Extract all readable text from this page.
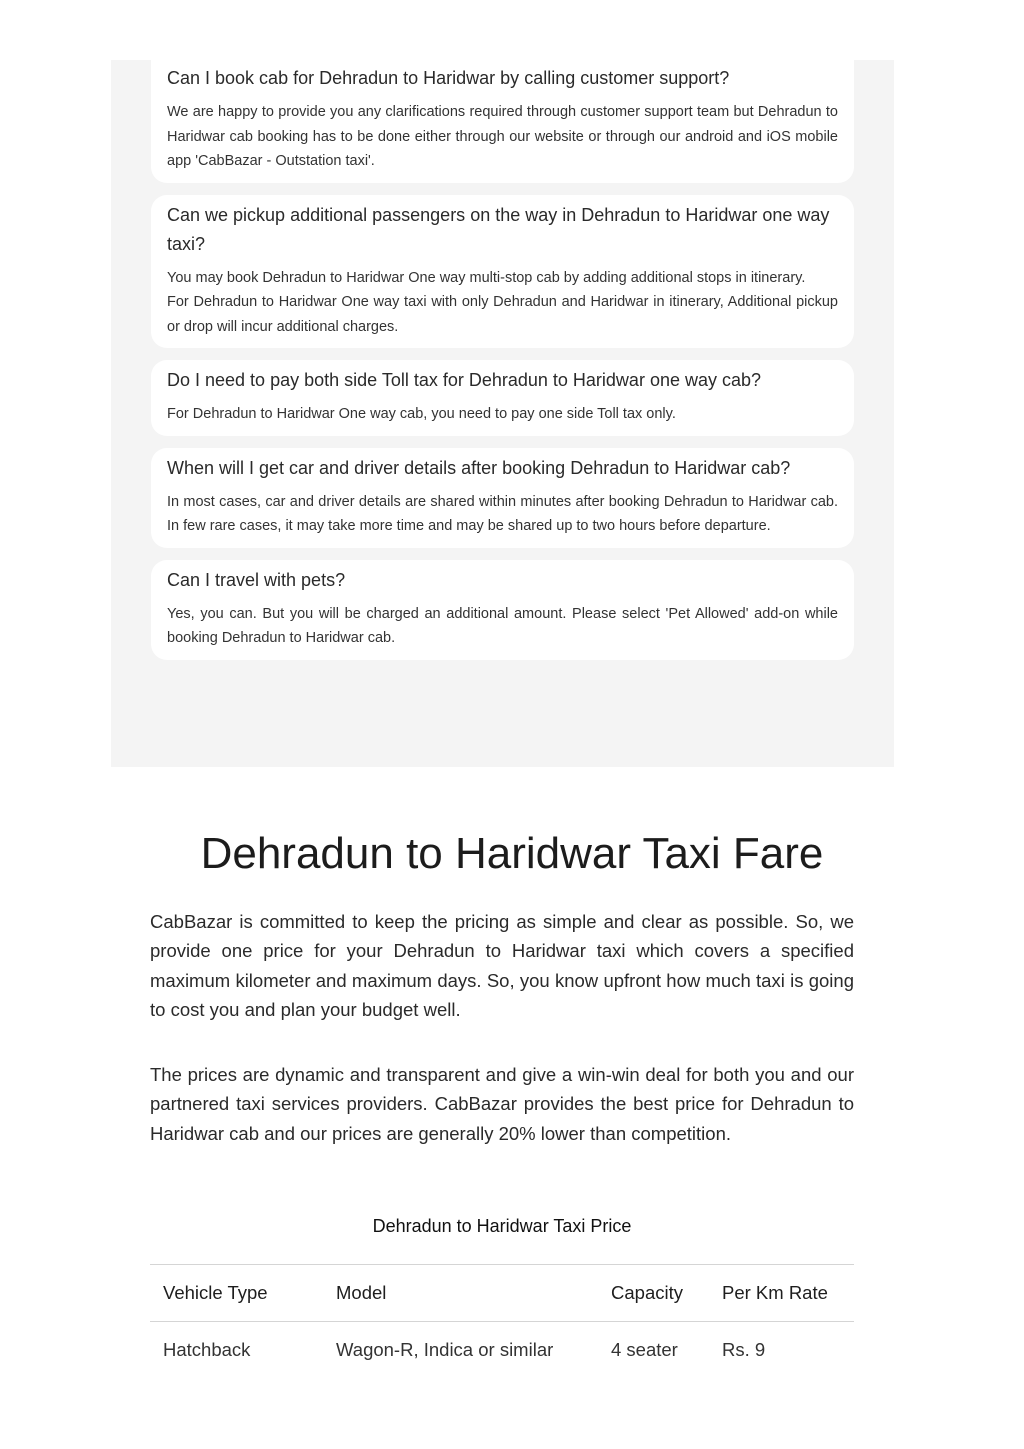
Can I book cab for Dehradun to Haridwar by calling customer support?

We are happy to provide you any clarifications required through customer support team but Dehradun to Haridwar cab booking has to be done either through our website or through our android and iOS mobile app 'CabBazar - Outstation taxi'.

Can we pickup additional passengers on the way in Dehradun to Haridwar one way taxi?

You may book Dehradun to Haridwar One way multi-stop cab by adding additional stops in itinerary.

For Dehradun to Haridwar One way taxi with only Dehradun and Haridwar in itinerary, Additional pickup or drop will incur additional charges.

Do I need to pay both side Toll tax for Dehradun to Haridwar one way cab?

For Dehradun to Haridwar One way cab, you need to pay one side Toll tax only.

When will I get car and driver details after booking Dehradun to Haridwar cab?

In most cases, car and driver details are shared within minutes after booking Dehradun to Haridwar cab. In few rare cases, it may take more time and may be shared up to two hours before departure.

Can I travel with pets?

Yes, you can. But you will be charged an additional amount. Please select 'Pet Allowed' add-on while booking Dehradun to Haridwar cab.

Dehradun to Haridwar Taxi Fare

CabBazar is committed to keep the pricing as simple and clear as possible. So, we provide one price for your Dehradun to Haridwar taxi which covers a specified maximum kilometer and maximum days. So, you know upfront how much taxi is going to cost you and plan your budget well.

The prices are dynamic and transparent and give a win-win deal for both you and our partnered taxi services providers. CabBazar provides the best price for Dehradun to Haridwar cab and our prices are generally 20% lower than competition.

Dehradun to Haridwar Taxi Price
Vehicle Type	Model	Capacity	Per Km Rate
Hatchback	Wagon-R, Indica or similar	4 seater	Rs. 9
